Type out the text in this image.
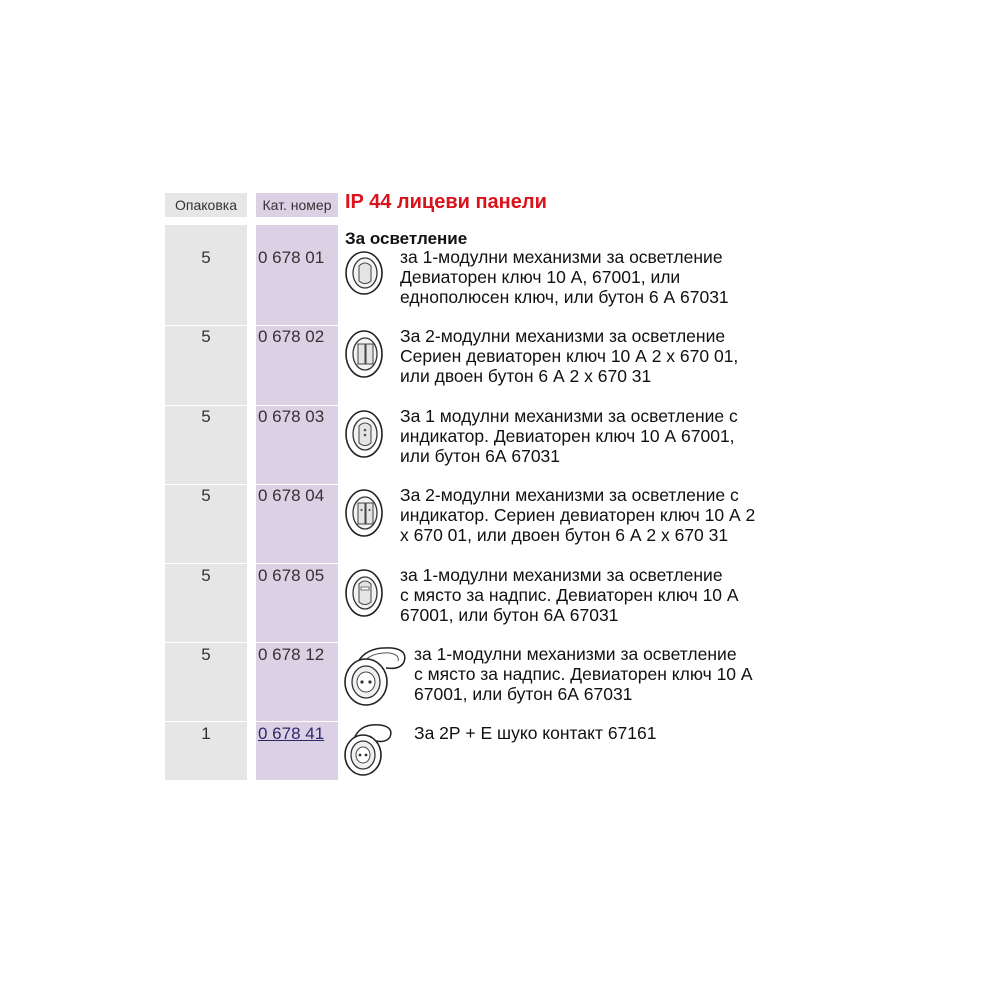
Опаковка	Кат. номер IP 44 лицеви панели
За осветление
5	0 678 01	за 1-модулни механизми за осветление
Девиаторен ключ 10 А, 67001, или
еднополюсен ключ, или бутон 6 А 67031
5	0 678 02	За 2-модулни механизми за осветление
Сериен девиаторен ключ 10 А 2 х 670 01,
или двоен бутон 6 А 2 х 670 31
5	0 678 03	За 1 модулни механизми за осветление с
индикатор. Девиаторен ключ 10 А 67001,
или бутон 6А 67031
5	0 678 04	За 2-модулни механизми за осветление с
индикатор. Сериен девиаторен ключ 10 А 2
х 670 01, или двоен бутон 6 А 2 х 670 31
5	0 678 05	за 1-модулни механизми за осветление
с място за надпис. Девиаторен ключ 10 А
67001, или бутон 6А 67031
5	0 678 12	за 1-модулни механизми за осветление
с място за надпис. Девиаторен ключ 10 А
67001, или бутон 6А 67031
1	0 678 41	За 2Р + Е шуко контакт 67161
